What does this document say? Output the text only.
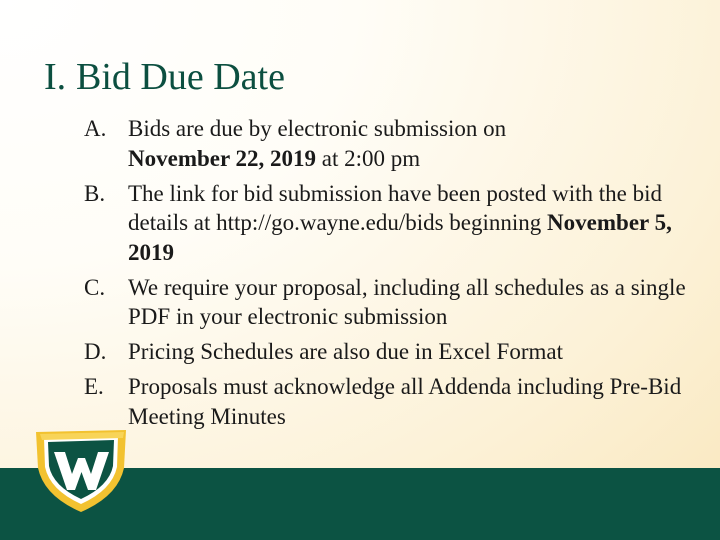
I. Bid Due Date
A. Bids are due by electronic submission on
November 22, 2019 at 2:00 pm
B. The link for bid submission have been posted with the bid details at http://go.wayne.edu/bids beginning November 5, 2019
C. We require your proposal, including all schedules as a single PDF in your electronic submission
D. Pricing Schedules are also due in Excel Format
E. Proposals must acknowledge all Addenda including Pre-Bid Meeting Minutes
